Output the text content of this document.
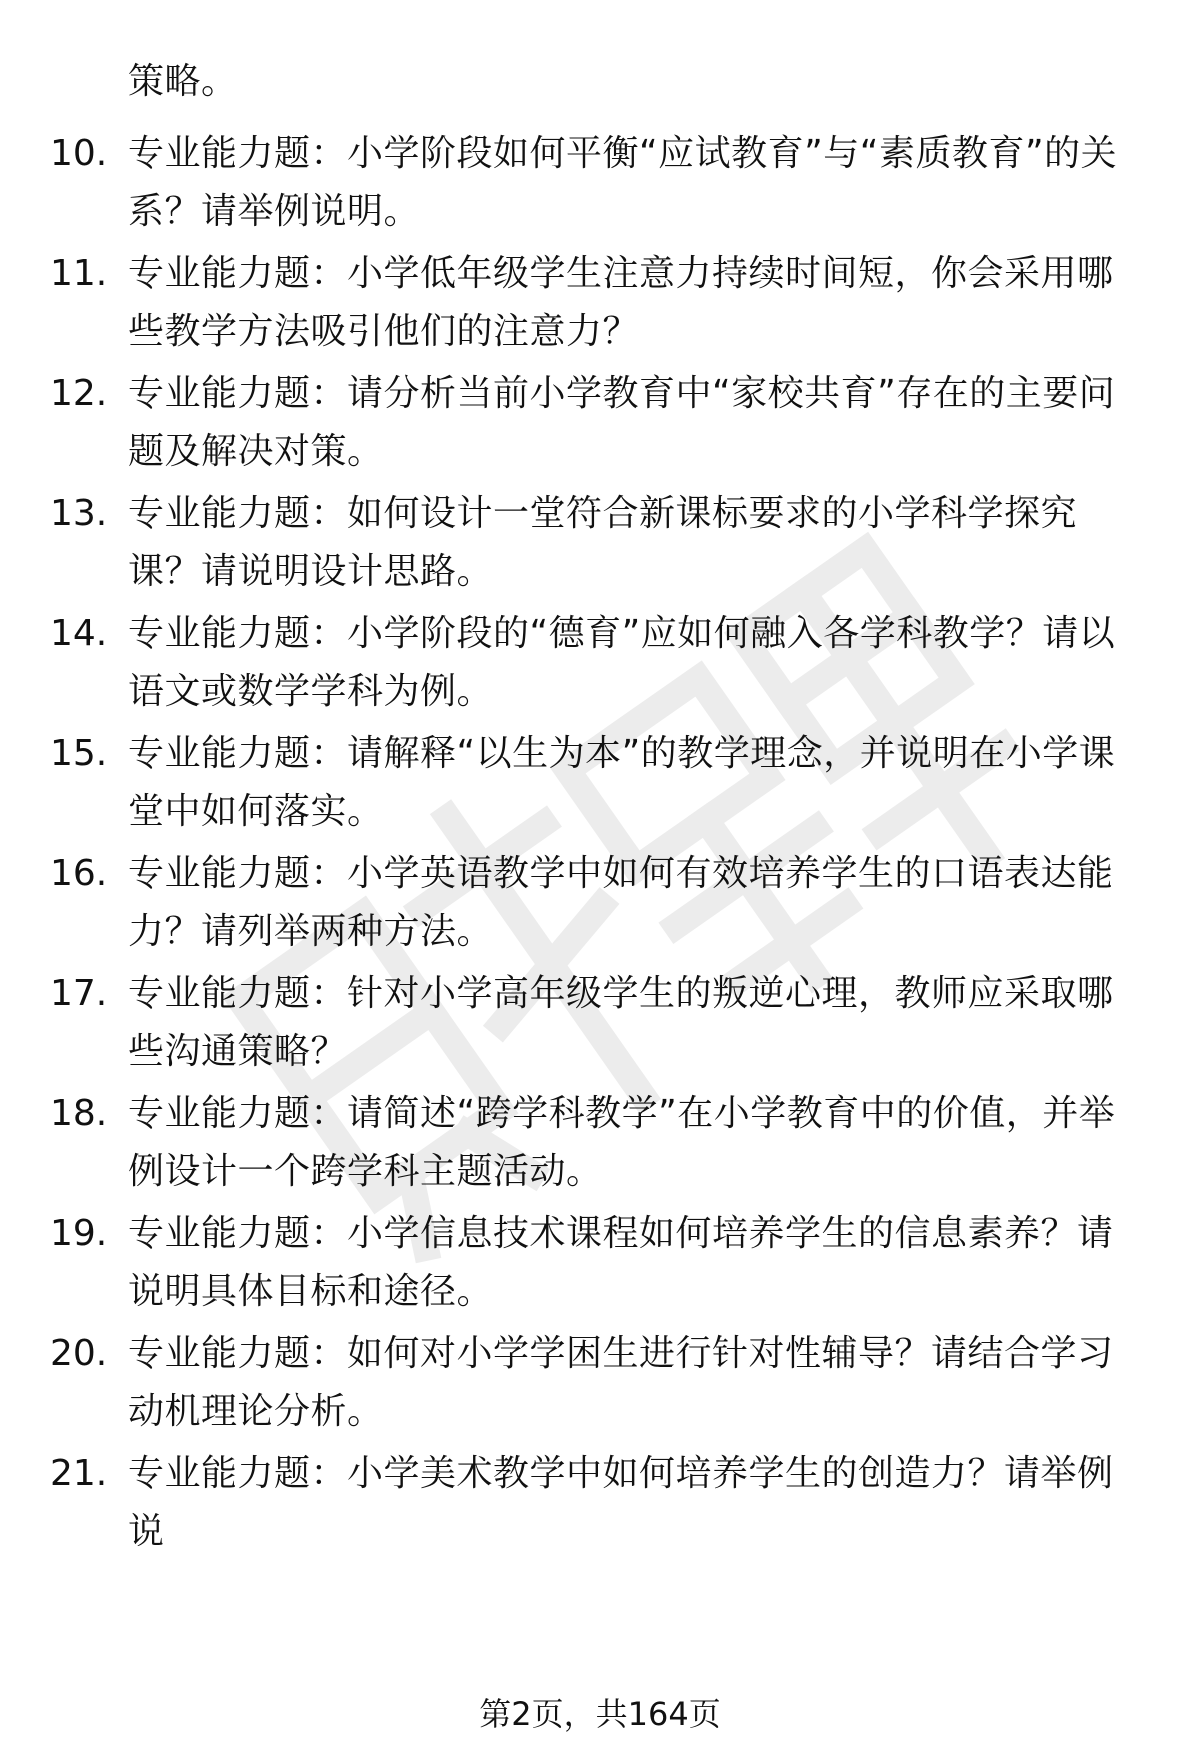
策略。
10. 专业能力题：小学阶段如何平衡“应试教育”与“素质教育”的关系？请举例说明。
11. 专业能力题：小学低年级学生注意力持续时间短，你会采用哪些教学方法吸引他们的注意力？
12. 专业能力题：请分析当前小学教育中“家校共育”存在的主要问题及解决对策。
13. 专业能力题：如何设计一堂符合新课标要求的小学科学探究课？请说明设计思路。
14. 专业能力题：小学阶段的“德育”应如何融入各学科教学？请以语文或数学学科为例。
15. 专业能力题：请解释“以生为本”的教学理念，并说明在小学课堂中如何落实。
16. 专业能力题：小学英语教学中如何有效培养学生的口语表达能力？请列举两种方法。
17. 专业能力题：针对小学高年级学生的叛逆心理，教师应采取哪些沟通策略？
18. 专业能力题：请简述“跨学科教学”在小学教育中的价值，并举例设计一个跨学科主题活动。
19. 专业能力题：小学信息技术课程如何培养学生的信息素养？请说明具体目标和途径。
20. 专业能力题：如何对小学学困生进行针对性辅导？请结合学习动机理论分析。
21. 专业能力题：小学美术教学中如何培养学生的创造力？请举例说
第2页，共164页
